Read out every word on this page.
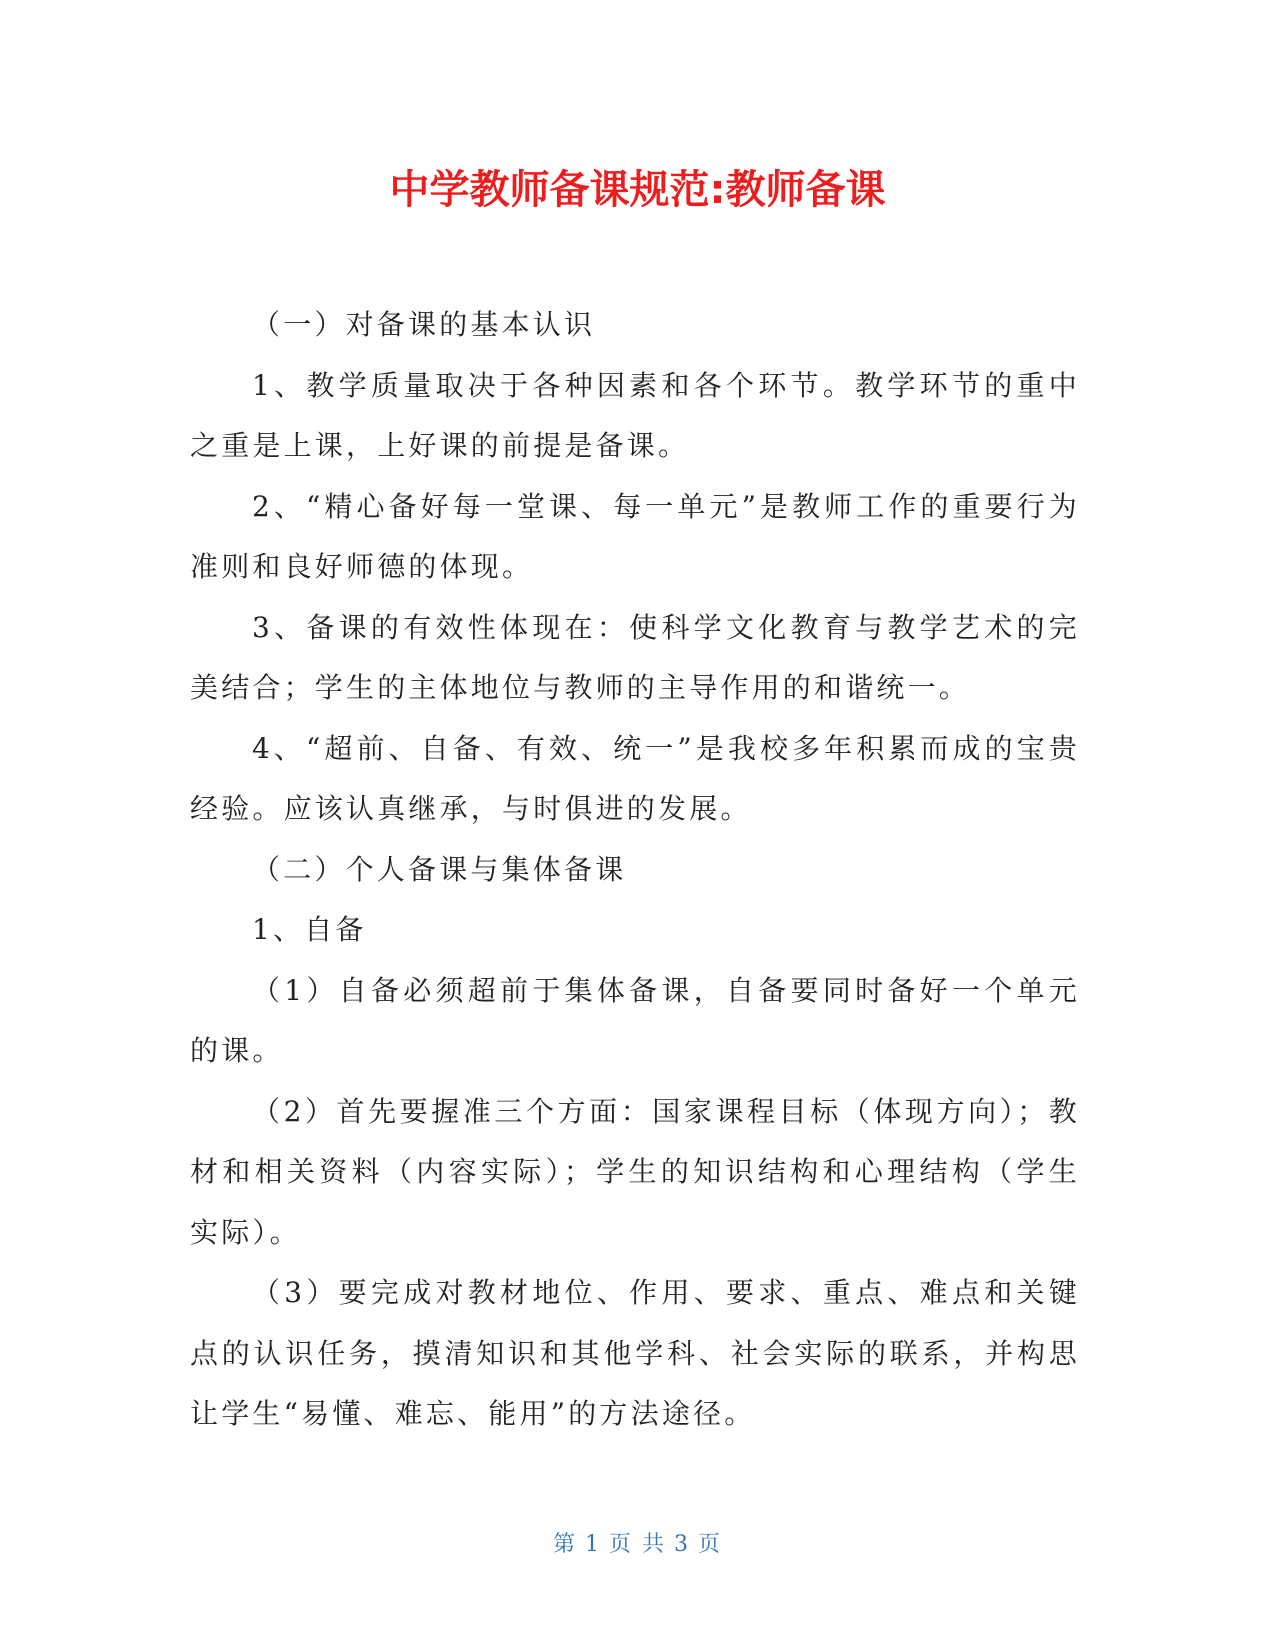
中学教师备课规范:教师备课

（一）对备课的基本认识

1、教学质量取决于各种因素和各个环节。教学环节的重中之重是上课，上好课的前提是备课。

2、“精心备好每一堂课、每一单元”是教师工作的重要行为准则和良好师德的体现。

3、备课的有效性体现在：使科学文化教育与教学艺术的完美结合；学生的主体地位与教师的主导作用的和谐统一。

4、“超前、自备、有效、统一”是我校多年积累而成的宝贵经验。应该认真继承，与时俱进的发展。

（二）个人备课与集体备课

1、自备

（1）自备必须超前于集体备课，自备要同时备好一个单元的课。

（2）首先要握准三个方面：国家课程目标（体现方向）；教材和相关资料（内容实际）；学生的知识结构和心理结构（学生实际）。

（3）要完成对教材地位、作用、要求、重点、难点和关键点的认识任务，摸清知识和其他学科、社会实际的联系，并构思让学生“易懂、难忘、能用”的方法途径。

第 1 页 共 3 页
